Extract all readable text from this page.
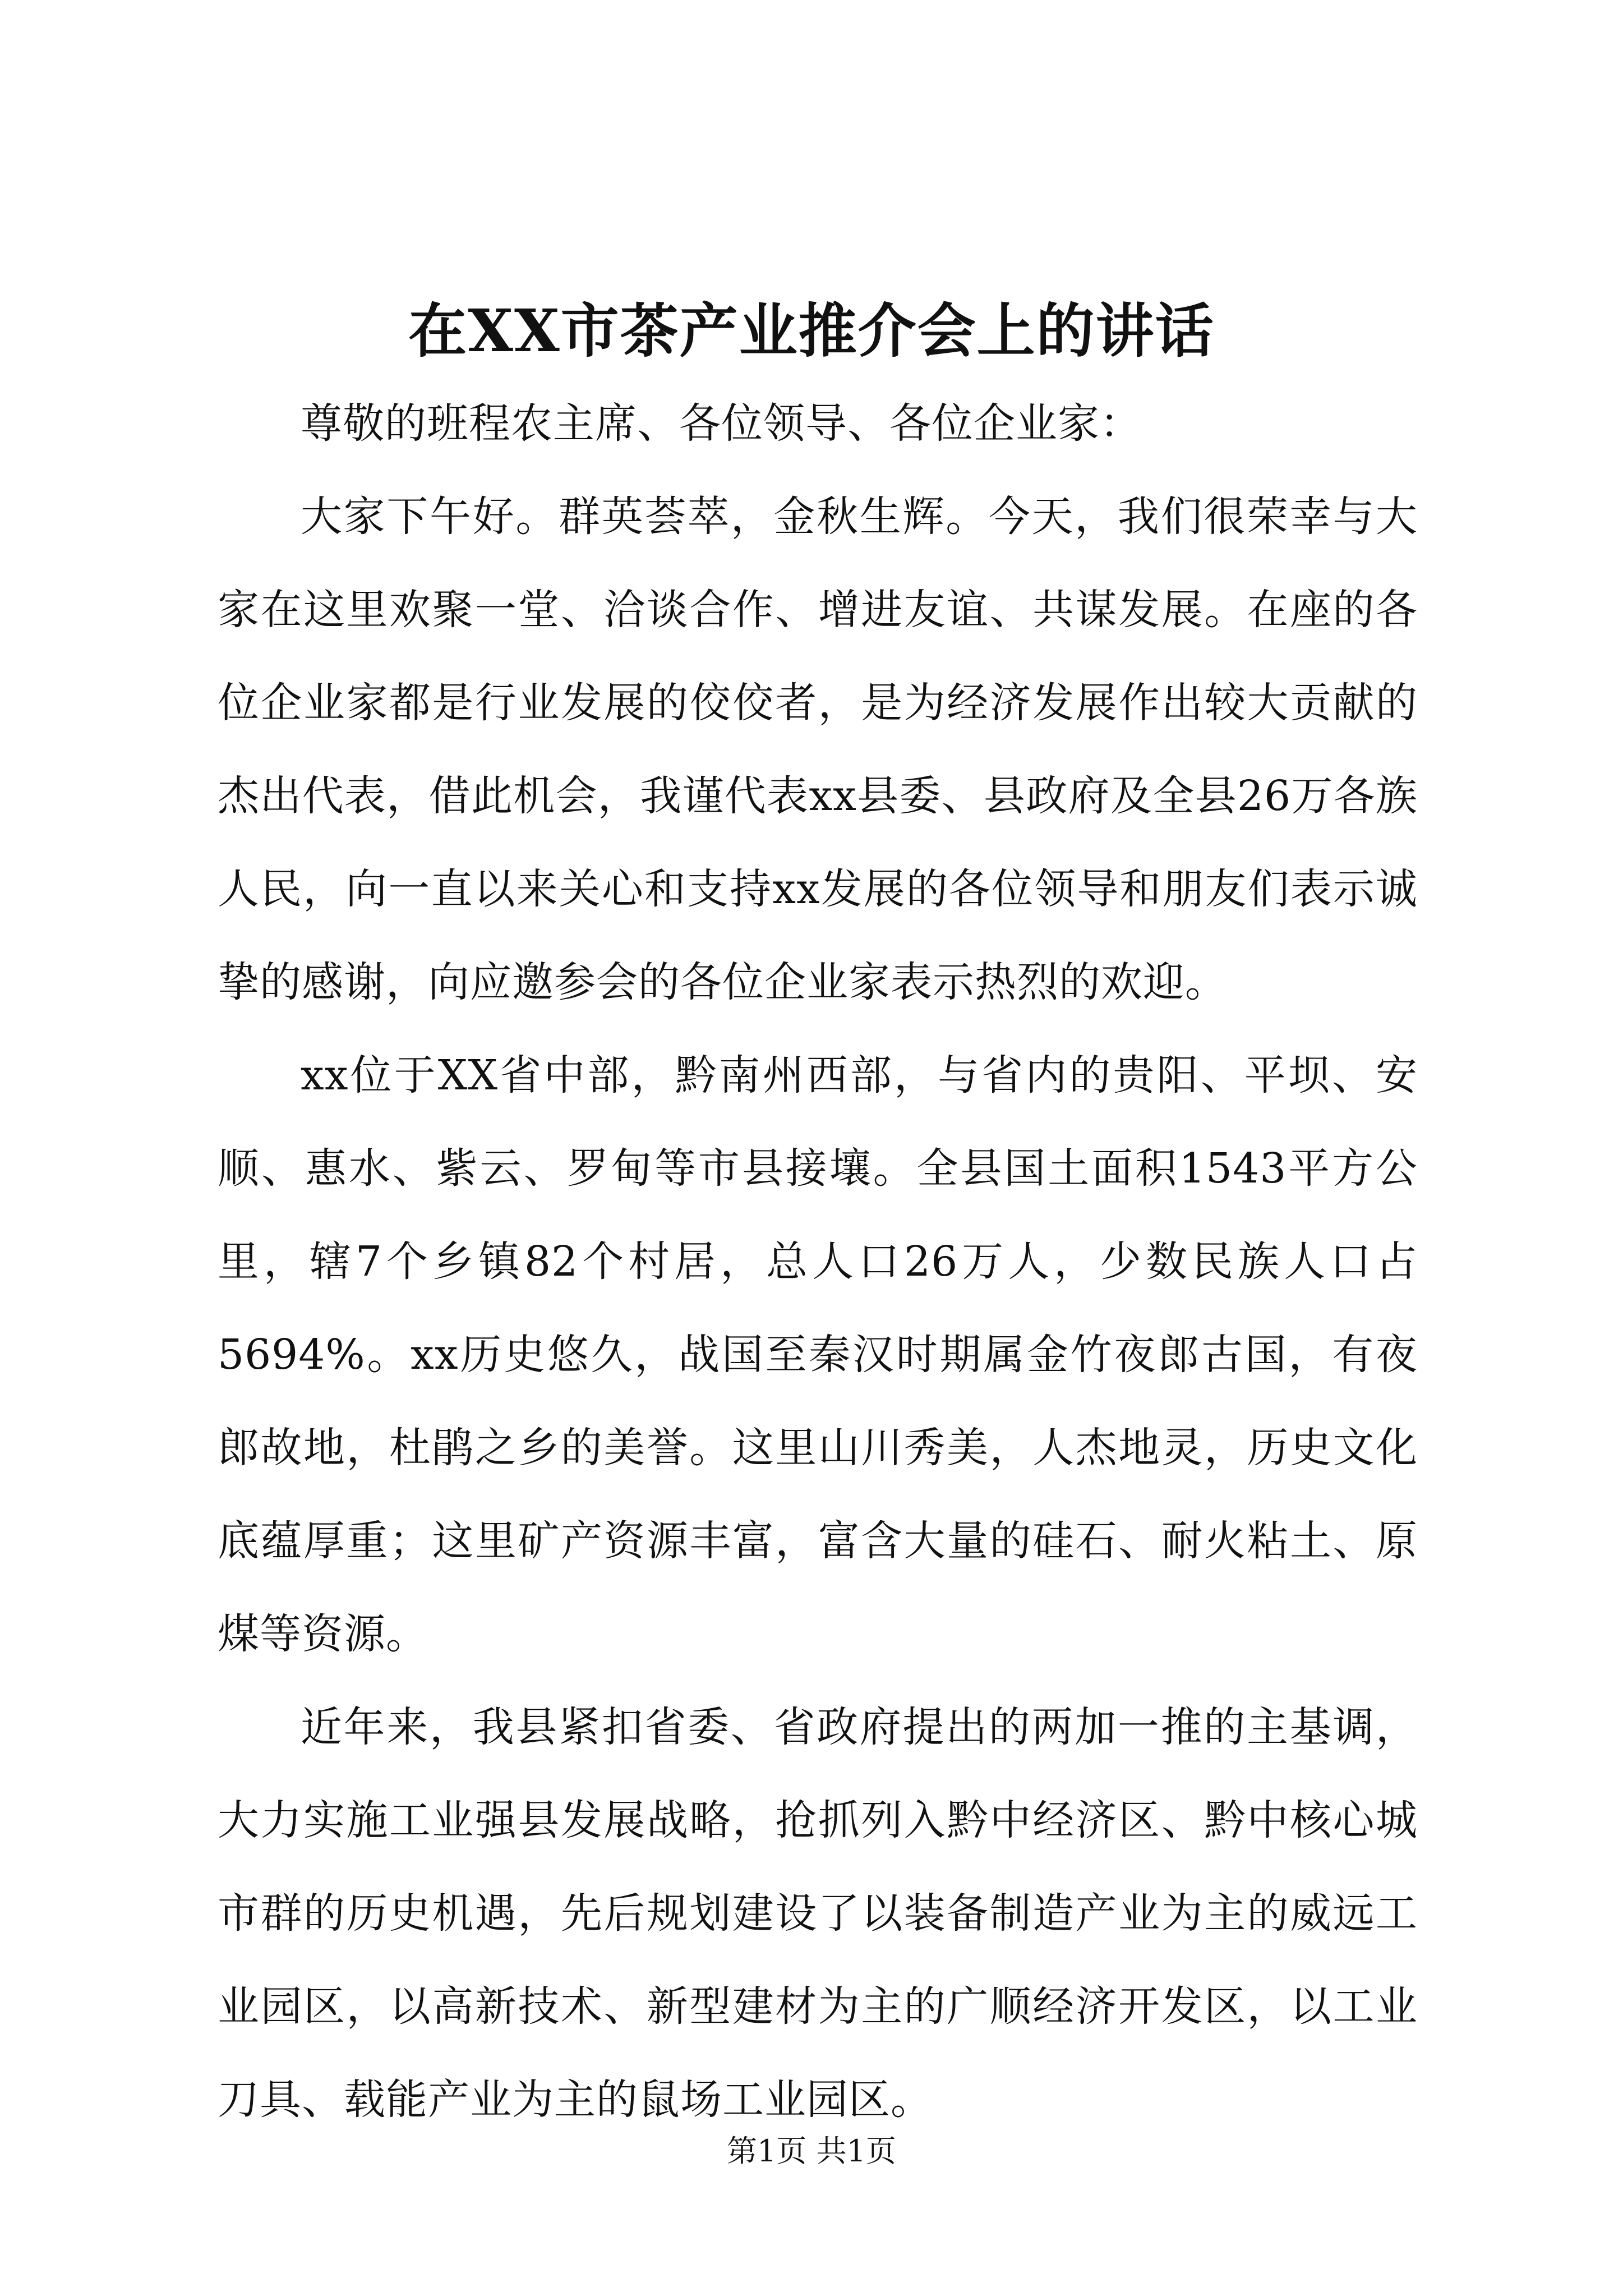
在XX市茶产业推介会上的讲话

尊敬的班程农主席、各位领导、各位企业家：

大家下午好。群英荟萃，金秋生辉。今天，我们很荣幸与大家在这里欢聚一堂、洽谈合作、增进友谊、共谋发展。在座的各位企业家都是行业发展的佼佼者，是为经济发展作出较大贡献的杰出代表，借此机会，我谨代表xx县委、县政府及全县26万各族人民，向一直以来关心和支持xx发展的各位领导和朋友们表示诚挚的感谢，向应邀参会的各位企业家表示热烈的欢迎。

xx位于XX省中部，黔南州西部，与省内的贵阳、平坝、安顺、惠水、紫云、罗甸等市县接壤。全县国土面积1543平方公里，辖7个乡镇82个村居，总人口26万人，少数民族人口占5694%。xx历史悠久，战国至秦汉时期属金竹夜郎古国，有夜郎故地，杜鹃之乡的美誉。这里山川秀美，人杰地灵，历史文化底蕴厚重；这里矿产资源丰富，富含大量的硅石、耐火粘土、原煤等资源。

近年来，我县紧扣省委、省政府提出的两加一推的主基调，大力实施工业强县发展战略，抢抓列入黔中经济区、黔中核心城市群的历史机遇，先后规划建设了以装备制造产业为主的威远工业园区，以高新技术、新型建材为主的广顺经济开发区，以工业刀具、载能产业为主的鼠场工业园区。

第1页 共1页
